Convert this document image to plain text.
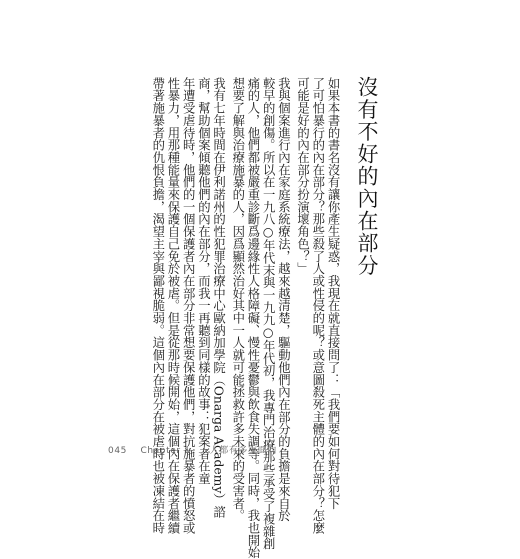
沒有不好的內在部分
如果本書的書名沒有讓你產生疑惑，我現在就直接問了：「我們要如何對待犯下
了可怕暴行的內在部分？那些殺了人或性侵的呢？或意圖殺死主體的內在部分？怎麼
可能是好的內在部分扮演壞角色？」
我與個案進行內在家庭系統療法，越來越清楚，驅動他們內在部分的負擔是來自於
較早的創傷。所以在一九八○年代末與一九九○年代初，我專門治療那些承受了複雜創
痛的人，他們都被嚴重診斷爲邊緣性人格障礙、慢性憂鬱與飲食失調等。同時，我也開始
想要了解與治療施暴的人，因爲顯然治好其中一人就可能拯救許多未來的受害者。
我有七年時間在伊利諾州的性犯罪治療中心歐納加學院（Onarga Academy）諮
商，幫助個案傾聽他們的內在部分，而我一再聽到同樣的故事：犯案者在童
年遭受虐待時，他們的一個保護者內在部分非常想要保護他們，對抗施暴者的憤怒或
性暴力，用那種能量來保護自己免於被虐。但是從那時候開始，這個內在保護者繼續
帶著施暴者的仇恨負擔，渴望主宰與鄙視脆弱。這個內在部分在被虐時也被凍結在時
045 Chapter 1　人人都有多重面向
